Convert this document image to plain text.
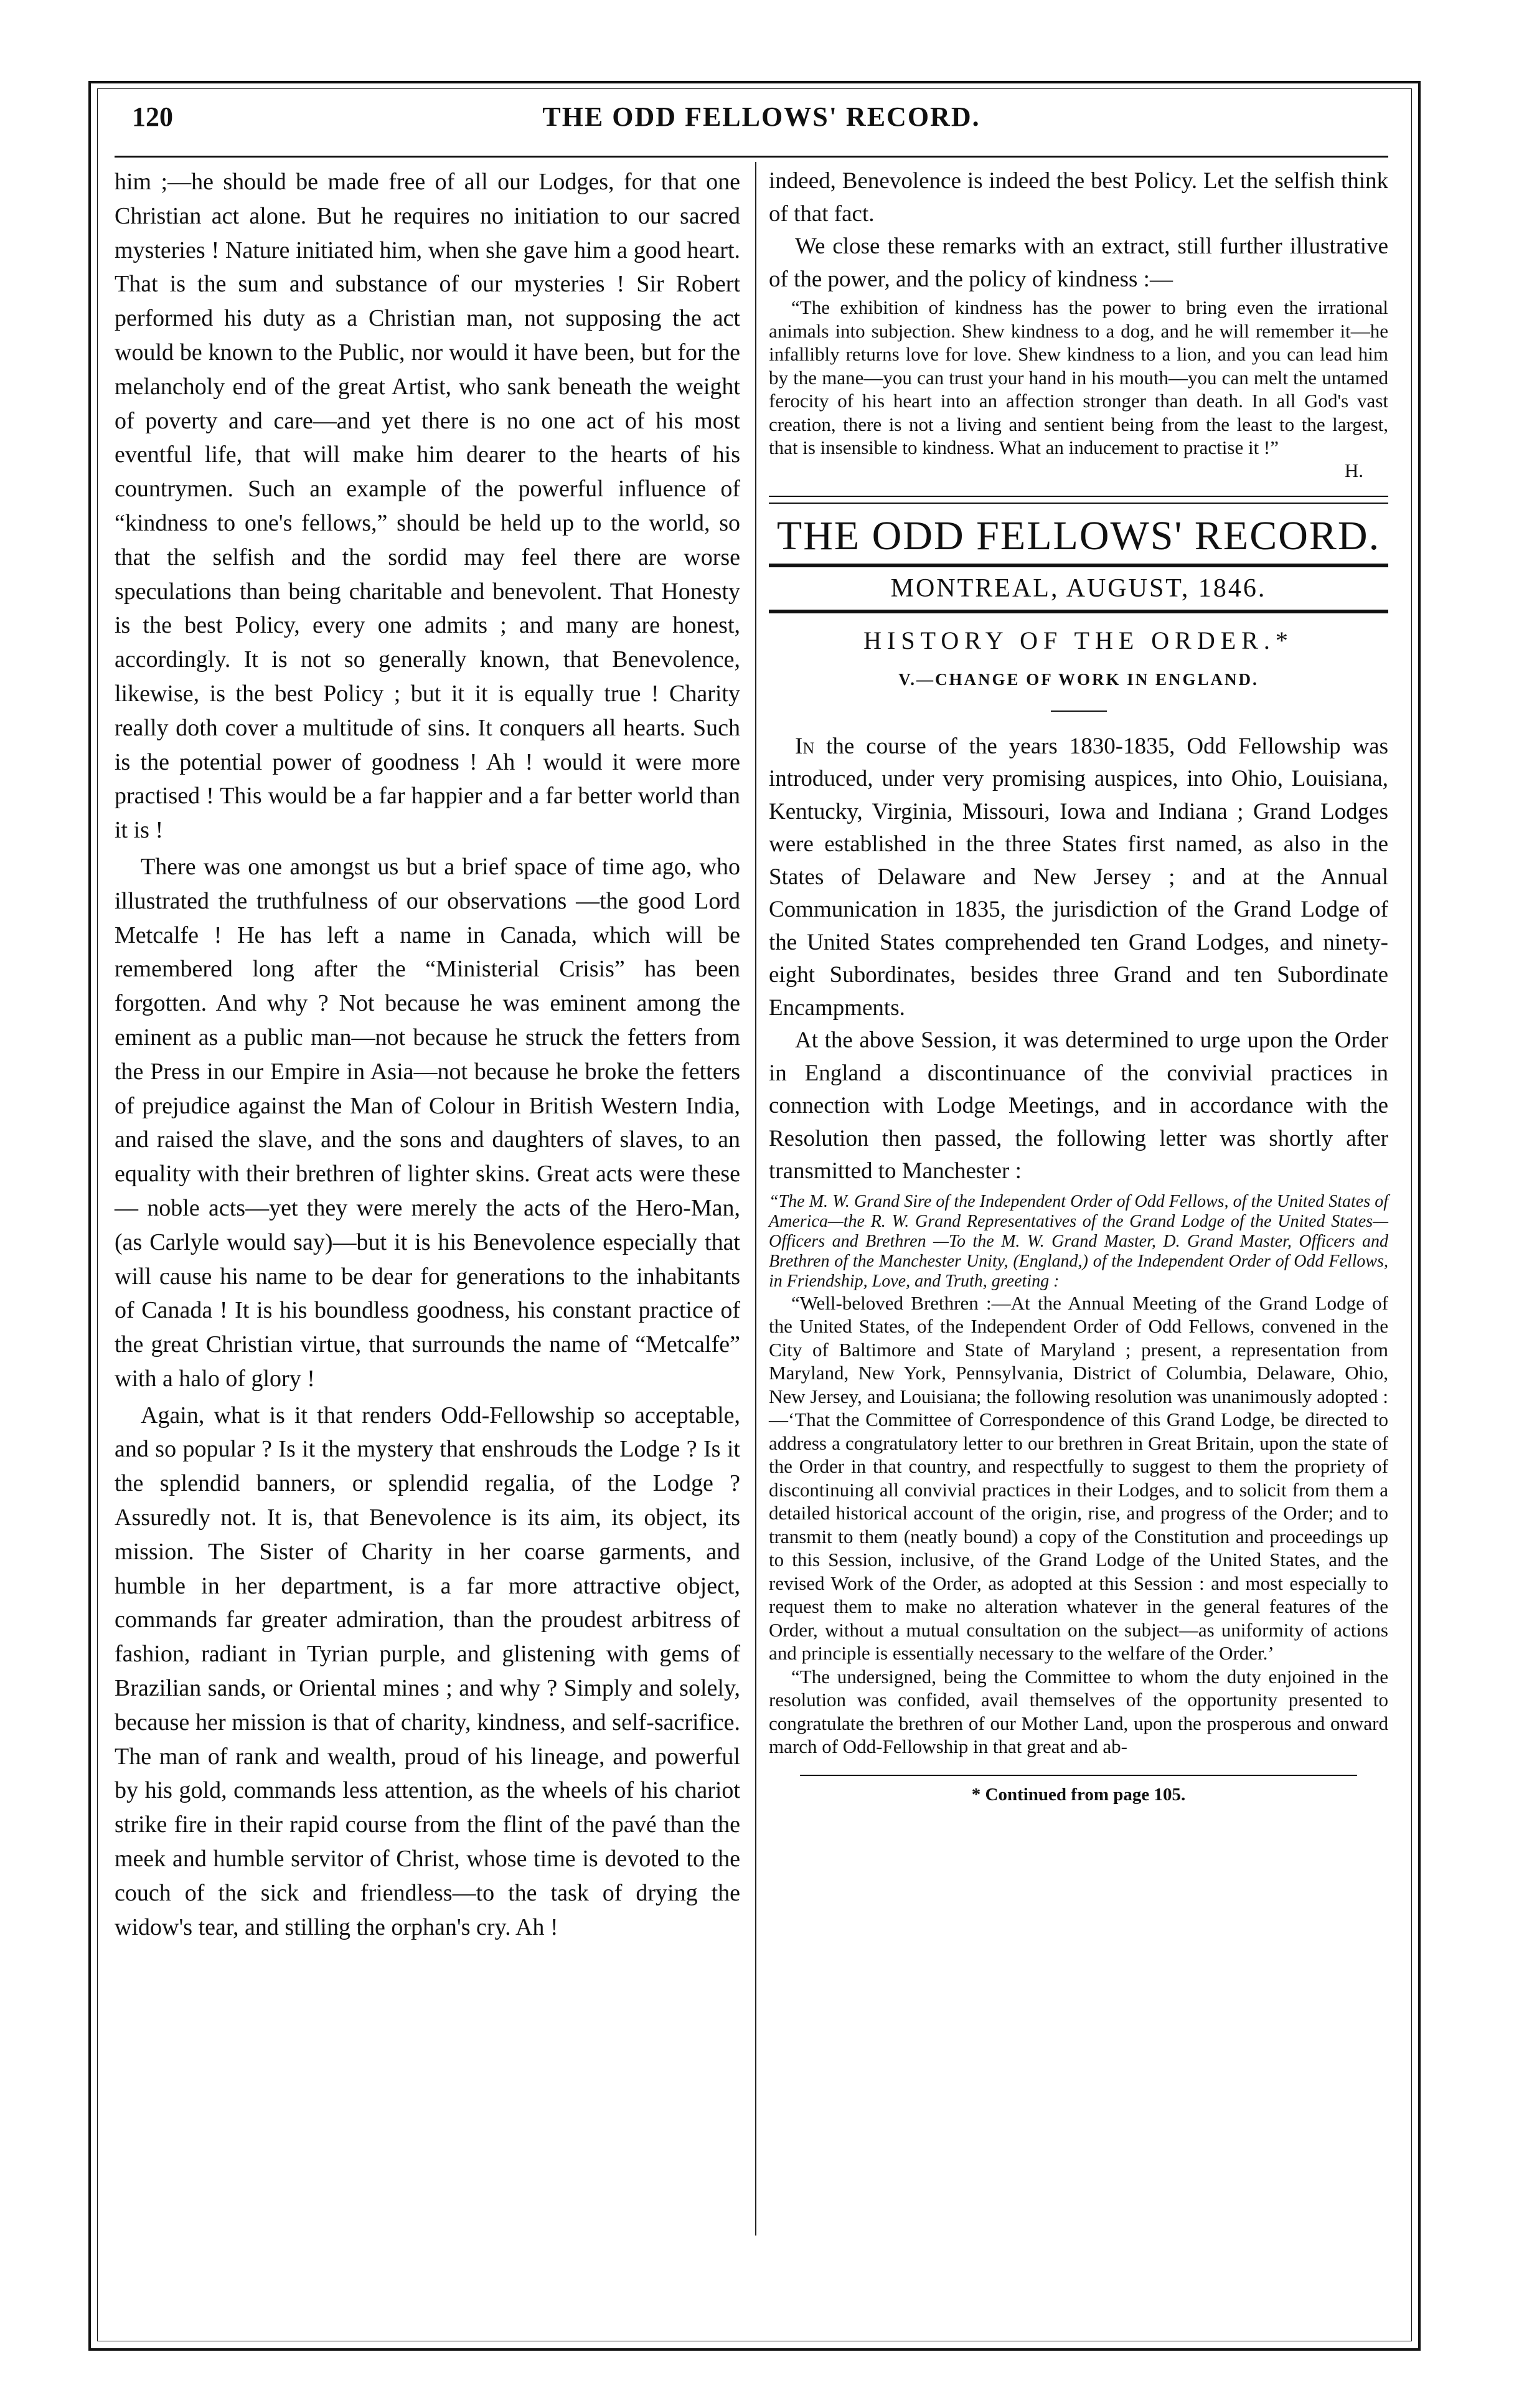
120	THE ODD FELLOWS' RECORD.

him ;—he should be made free of all our Lodges, for that one Christian act alone. But he requires no initiation to our sacred mysteries ! Nature initiated him, when she gave him a good heart. That is the sum and substance of our mysteries ! Sir Robert performed his duty as a Christian man, not supposing the act would be known to the Public, nor would it have been, but for the melancholy end of the great Artist, who sank beneath the weight of poverty and care—and yet there is no one act of his most eventful life, that will make him dearer to the hearts of his countrymen. Such an example of the powerful influence of “kindness to one's fellows,” should be held up to the world, so that the selfish and the sordid may feel there are worse speculations than being charitable and benevolent. That Honesty is the best Policy, every one admits ; and many are honest, accordingly. It is not so generally known, that Benevolence, likewise, is the best Policy ; but it it is equally true ! Charity really doth cover a multitude of sins. It conquers all hearts. Such is the potential power of goodness ! Ah ! would it were more practised ! This would be a far happier and a far better world than it is !

There was one amongst us but a brief space of time ago, who illustrated the truthfulness of our observations —the good Lord Metcalfe ! He has left a name in Canada, which will be remembered long after the “Ministerial Crisis” has been forgotten. And why ? Not because he was eminent among the eminent as a public man—not because he struck the fetters from the Press in our Empire in Asia—not because he broke the fetters of prejudice against the Man of Colour in British Western India, and raised the slave, and the sons and daughters of slaves, to an equality with their brethren of lighter skins. Great acts were these— noble acts—yet they were merely the acts of the Hero-Man, (as Carlyle would say)—but it is his Benevolence especially that will cause his name to be dear for generations to the inhabitants of Canada ! It is his boundless goodness, his constant practice of the great Christian virtue, that surrounds the name of “Metcalfe” with a halo of glory !

Again, what is it that renders Odd-Fellowship so acceptable, and so popular ? Is it the mystery that enshrouds the Lodge ? Is it the splendid banners, or splendid regalia, of the Lodge ? Assuredly not. It is, that Benevolence is its aim, its object, its mission. The Sister of Charity in her coarse garments, and humble in her department, is a far more attractive object, commands far greater admiration, than the proudest arbitress of fashion, radiant in Tyrian purple, and glistening with gems of Brazilian sands, or Oriental mines ; and why ? Simply and solely, because her mission is that of charity, kindness, and self-sacrifice. The man of rank and wealth, proud of his lineage, and powerful by his gold, commands less attention, as the wheels of his chariot strike fire in their rapid course from the flint of the pavé than the meek and humble servitor of Christ, whose time is devoted to the couch of the sick and friendless—to the task of drying the widow's tear, and stilling the orphan's cry. Ah !

indeed, Benevolence is indeed the best Policy. Let the selfish think of that fact.

We close these remarks with an extract, still further illustrative of the power, and the policy of kindness :—

“The exhibition of kindness has the power to bring even the irrational animals into subjection. Shew kindness to a dog, and he will remember it—he infallibly returns love for love. Shew kindness to a lion, and you can lead him by the mane—you can trust your hand in his mouth—you can melt the untamed ferocity of his heart into an affection stronger than death. In all God's vast creation, there is not a living and sentient being from the least to the largest, that is insensible to kindness. What an inducement to practise it !”

H.
THE ODD FELLOWS' RECORD.
MONTREAL, AUGUST, 1846.
HISTORY OF THE ORDER.*
V.—CHANGE OF WORK IN ENGLAND.

In the course of the years 1830-1835, Odd Fellowship was introduced, under very promising auspices, into Ohio, Louisiana, Kentucky, Virginia, Missouri, Iowa and Indiana ; Grand Lodges were established in the three States first named, as also in the States of Delaware and New Jersey ; and at the Annual Communication in 1835, the jurisdiction of the Grand Lodge of the United States comprehended ten Grand Lodges, and ninety-eight Subordinates, besides three Grand and ten Subordinate Encampments.

At the above Session, it was determined to urge upon the Order in England a discontinuance of the convivial practices in connection with Lodge Meetings, and in accordance with the Resolution then passed, the following letter was shortly after transmitted to Manchester :

“The M. W. Grand Sire of the Independent Order of Odd Fellows, of the United States of America—the R. W. Grand Representatives of the Grand Lodge of the United States—Officers and Brethren —To the M. W. Grand Master, D. Grand Master, Officers and Brethren of the Manchester Unity, (England,) of the Independent Order of Odd Fellows, in Friendship, Love, and Truth, greeting :

“Well-beloved Brethren :—At the Annual Meeting of the Grand Lodge of the United States, of the Independent Order of Odd Fellows, convened in the City of Baltimore and State of Maryland ; present, a representation from Maryland, New York, Pennsylvania, District of Columbia, Delaware, Ohio, New Jersey, and Louisiana; the following resolution was unanimously adopted :—‘That the Committee of Correspondence of this Grand Lodge, be directed to address a congratulatory letter to our brethren in Great Britain, upon the state of the Order in that country, and respectfully to suggest to them the propriety of discontinuing all convivial practices in their Lodges, and to solicit from them a detailed historical account of the origin, rise, and progress of the Order; and to transmit to them (neatly bound) a copy of the Constitution and proceedings up to this Session, inclusive, of the Grand Lodge of the United States, and the revised Work of the Order, as adopted at this Session : and most especially to request them to make no alteration whatever in the general features of the Order, without a mutual consultation on the subject—as uniformity of actions and principle is essentially necessary to the welfare of the Order.’

“The undersigned, being the Committee to whom the duty enjoined in the resolution was confided, avail themselves of the opportunity presented to congratulate the brethren of our Mother Land, upon the prosperous and onward march of Odd-Fellowship in that great and ab-

* Continued from page 105.
